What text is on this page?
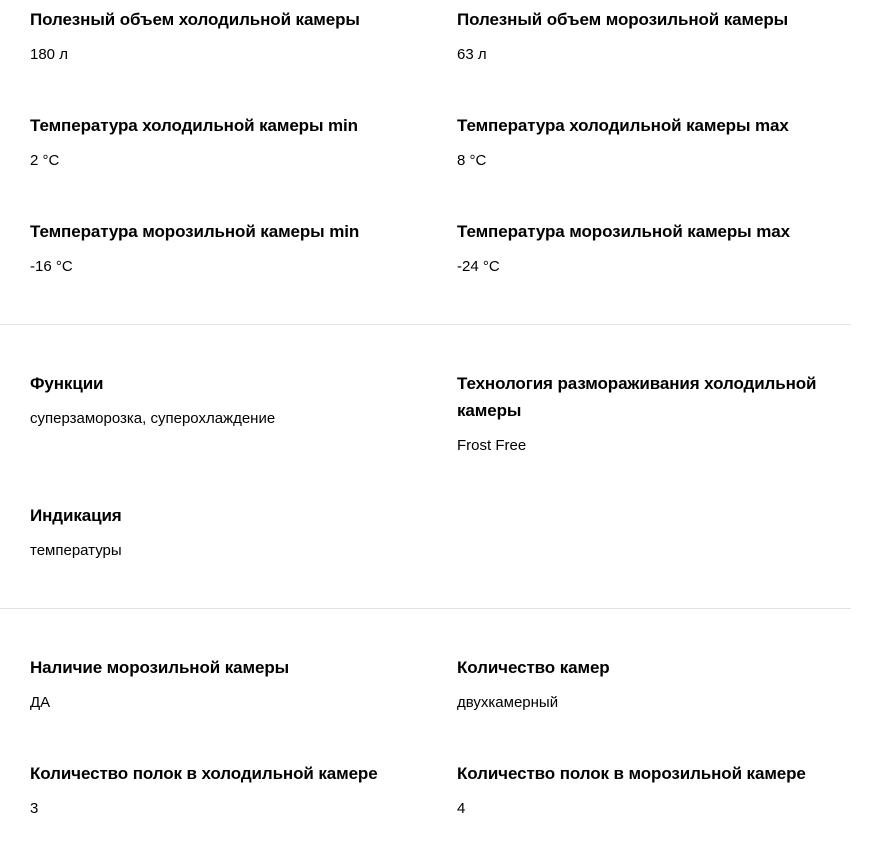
Полезный объем холодильной камеры
180 л
Полезный объем морозильной камеры
63 л
Температура холодильной камеры min
2 °C
Температура холодильной камеры max
8 °C
Температура морозильной камеры min
-16 °C
Температура морозильной камеры max
-24 °C
Функции
суперзаморозка, суперохлаждение
Технология размораживания холодильной камеры
Frost Free
Индикация
температуры
Наличие морозильной камеры
ДА
Количество камер
двухкамерный
Количество полок в холодильной камере
3
Количество полок в морозильной камере
4
